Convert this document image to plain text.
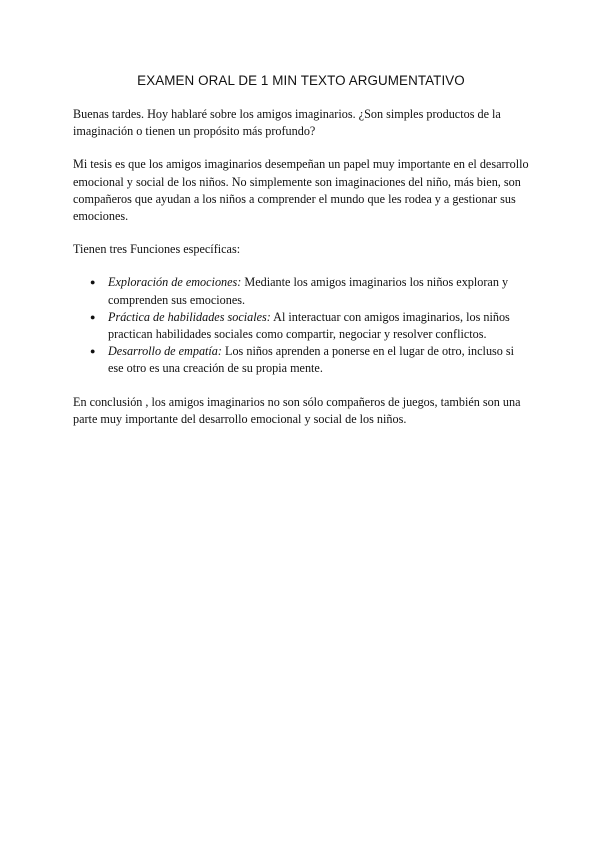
EXAMEN ORAL DE 1 MIN TEXTO ARGUMENTATIVO

Buenas tardes. Hoy hablaré sobre los amigos imaginarios. ¿Son simples productos de la imaginación o tienen un propósito más profundo?

Mi tesis es que los amigos imaginarios desempeñan un papel muy importante en el desarrollo emocional y social de los niños. No simplemente son imaginaciones del niño, más bien, son compañeros que ayudan a los niños a comprender el mundo que les rodea y a gestionar sus emociones.

Tienen tres Funciones específicas:

● Exploración de emociones: Mediante los amigos imaginarios los niños exploran y comprenden sus emociones.
● Práctica de habilidades sociales: Al interactuar con amigos imaginarios, los niños practican habilidades sociales como compartir, negociar y resolver conflictos.
● Desarrollo de empatía: Los niños aprenden a ponerse en el lugar de otro, incluso si ese otro es una creación de su propia mente.

En conclusión , los amigos imaginarios no son sólo compañeros de juegos, también son una parte muy importante del desarrollo emocional y social de los niños.
